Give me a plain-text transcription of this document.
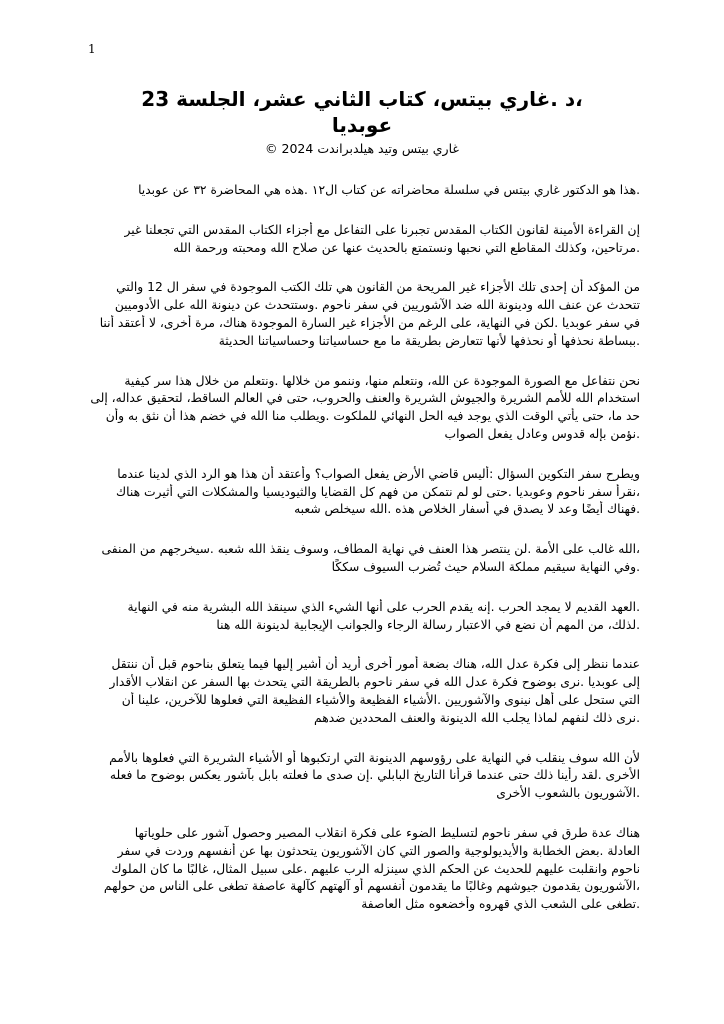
1
،د .غاري بيتس، كتاب الثاني عشر، الجلسة 23
عوبديا
غاري بيتس وتيد هيلدبراندت 2024 ©
.هذا هو الدكتور غاري بيتس في سلسلة محاضراته عن كتاب ال١٢ .هذه هي المحاضرة ٣٢ عن عوبديا
إن القراءة الأمينة لقانون الكتاب المقدس تجبرنا على التفاعل مع أجزاء الكتاب المقدس التي تجعلنا غير
.مرتاحين، وكذلك المقاطع التي نحبها ونستمتع بالحديث عنها عن صلاح الله ومحبته ورحمة الله
من المؤكد أن إحدى تلك الأجزاء غير المريحة من القانون هي تلك الكتب الموجودة في سفر ال 12 والتي
تتحدث عن عنف الله ودينونة الله ضد الآشوريين في سفر ناحوم .وستتحدث عن دينونة الله على الأدوميين
في سفر عوبديا .لكن في النهاية، على الرغم من الأجزاء غير السارة الموجودة هناك، مرة أخرى، لا أعتقد أننا
.ببساطة نحذفها أو نحذفها لأنها تتعارض بطريقة ما مع حساسياتنا وحساسياتنا الحديثة
نحن نتفاعل مع الصورة الموجودة عن الله، ونتعلم منها، وننمو من خلالها .ونتعلم من خلال هذا سر كيفية
استخدام الله للأمم الشريرة والجيوش الشريرة والعنف والحروب، حتى في العالم الساقط، لتحقيق عداله، إلى
حد ما، حتى يأتي الوقت الذي يوجد فيه الحل النهائي للملكوت .ويطلب منا الله في خضم هذا أن نثق به وأن
.نؤمن بإله قدوس وعادل يفعل الصواب
ويطرح سفر التكوين السؤال :أليس قاضي الأرض يفعل الصواب؟ وأعتقد أن هذا هو الرد الذي لدينا عندما
،نقرأ سفر ناحوم وعوبديا .حتى لو لم نتمكن من فهم كل القضايا والثيوديسيا والمشكلات التي أثيرت هناك
.فهناك أيضًا وعد لا يصدق في أسفار الخلاص هذه .الله سيخلص شعبه
،الله غالب على الأمة .لن ينتصر هذا العنف في نهاية المطاف، وسوف ينقذ الله شعبه .سيخرجهم من المنفى
.وفي النهاية سيقيم مملكة السلام حيث تُضرب السيوف سككًا
.العهد القديم لا يمجد الحرب .إنه يقدم الحرب على أنها الشيء الذي سينقذ الله البشرية منه في النهاية
.لذلك، من المهم أن نضع في الاعتبار رسالة الرجاء والجوانب الإيجابية لدينونة الله هنا
عندما ننظر إلى فكرة عدل الله، هناك بضعة أمور أخرى أريد أن أشير إليها فيما يتعلق بناحوم قبل أن ننتقل
إلى عوبديا .نرى بوضوح فكرة عدل الله في سفر ناحوم بالطريقة التي يتحدث بها السفر عن انقلاب الأقدار
التي ستحل على أهل نينوى والآشوريين .الأشياء الفظيعة والأشياء الفظيعة التي فعلوها للآخرين، علينا أن
.نرى ذلك لنفهم لماذا يجلب الله الدينونة والعنف المحددين ضدهم
لأن الله سوف ينقلب في النهاية على رؤوسهم الدينونة التي ارتكبوها أو الأشياء الشريرة التي فعلوها بالأمم
الأخرى .لقد رأينا ذلك حتى عندما قرأنا التاريخ البابلي .إن صدى ما فعلته بابل بآشور يعكس بوضوح ما فعله
.الآشوريون بالشعوب الأخرى
هناك عدة طرق في سفر ناحوم لتسليط الضوء على فكرة انقلاب المصير وحصول آشور على حلوياتها
العادلة .بعض الخطابة والأيديولوجية والصور التي كان الآشوريون يتحدثون بها عن أنفسهم وردت في سفر
ناحوم وانقلبت عليهم للحديث عن الحكم الذي سينزله الرب عليهم .على سبيل المثال، غالبًا ما كان الملوك
،الآشوريون يقدمون جيوشهم وغالبًا ما يقدمون أنفسهم أو آلهتهم كآلهة عاصفة تطغى على الناس من حولهم
.تطغى على الشعب الذي قهروه وأخضعوه مثل العاصفة
